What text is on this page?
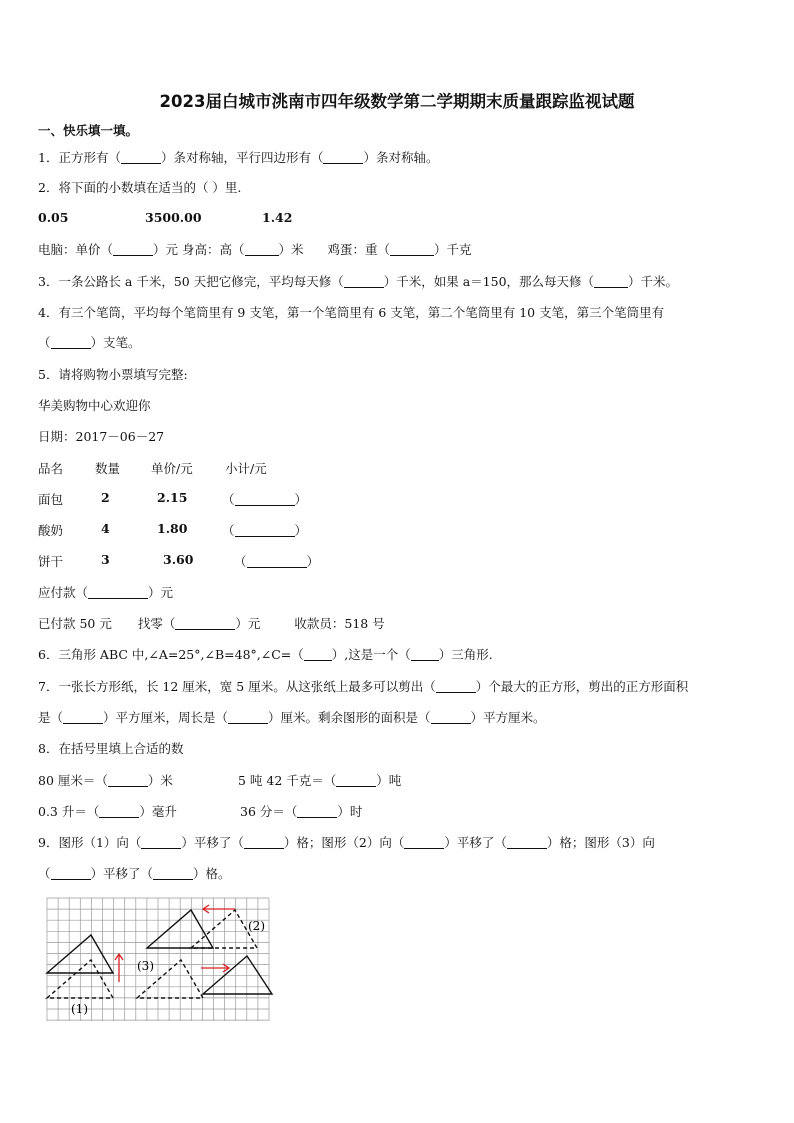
2023届白城市洮南市四年级数学第二学期期末质量跟踪监视试题
一、快乐填一填。
1．正方形有（	）条对称轴，平行四边形有（	）条对称轴。
2．将下面的小数填在适当的（ ）里.
0.05	3500.00	1.42
电脑：单价（	）元 身高：高（	）米 鸡蛋：重（	）千克
3．一条公路长 a 千米，50 天把它修完，平均每天修（	）千米，如果 a＝150，那么每天修（	）千米。
4．有三个笔筒，平均每个笔筒里有 9 支笔，第一个笔筒里有 6 支笔，第二个笔筒里有 10 支笔，第三个笔筒里有
（	）支笔。
5．请将购物小票填写完整:
华美购物中心欢迎你
日期：2017－06－27
品名	数量 单价/元	小计/元
面包	2	2.15	（	）
酸奶	4	1.80	（	）
饼干	3	3.60	（	）
应付款（	）元
已付款 50 元 找零（	）元	收款员：518 号
6．三角形 ABC 中,∠A=25°,∠B=48°,∠C=（ ）,这是一个（ ）三角形.
7．一张长方形纸，长 12 厘米，宽 5 厘米。从这张纸上最多可以剪出（	）个最大的正方形，剪出的正方形面积
是（	）平方厘米，周长是（	）厘米。剩余图形的面积是（	）平方厘米。
8．在括号里填上合适的数
80 厘米＝（	）米	5 吨 42 千克＝（	）吨
0.3 升＝（	）毫升	36 分＝（	）时
9．图形（1）向（	）平移了（	）格；图形（2）向（	）平移了（	）格；图形（3）向
（	）平移了（	）格。
(1)
(2)
(3)
